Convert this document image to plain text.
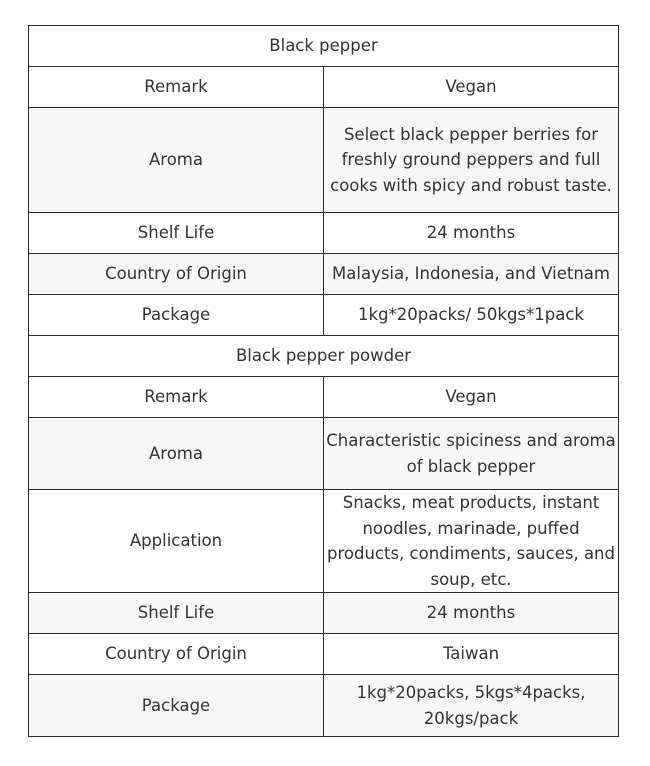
Black pepper	
Remark	Vegan
Aroma	Select black pepper berries for freshly ground peppers and full cooks with spicy and robust taste.
Shelf Life	24 months
Country of Origin	Malaysia, Indonesia, and Vietnam
Package	1kg*20packs/ 50kgs*1pack
Black pepper powder	
Remark	Vegan
Aroma	Characteristic spiciness and aroma of black pepper
Application	Snacks, meat products, instant noodles, marinade, puffed products, condiments, sauces, and soup, etc.
Shelf Life	24 months
Country of Origin	Taiwan
Package	1kg*20packs, 5kgs*4packs, 20kgs/pack
